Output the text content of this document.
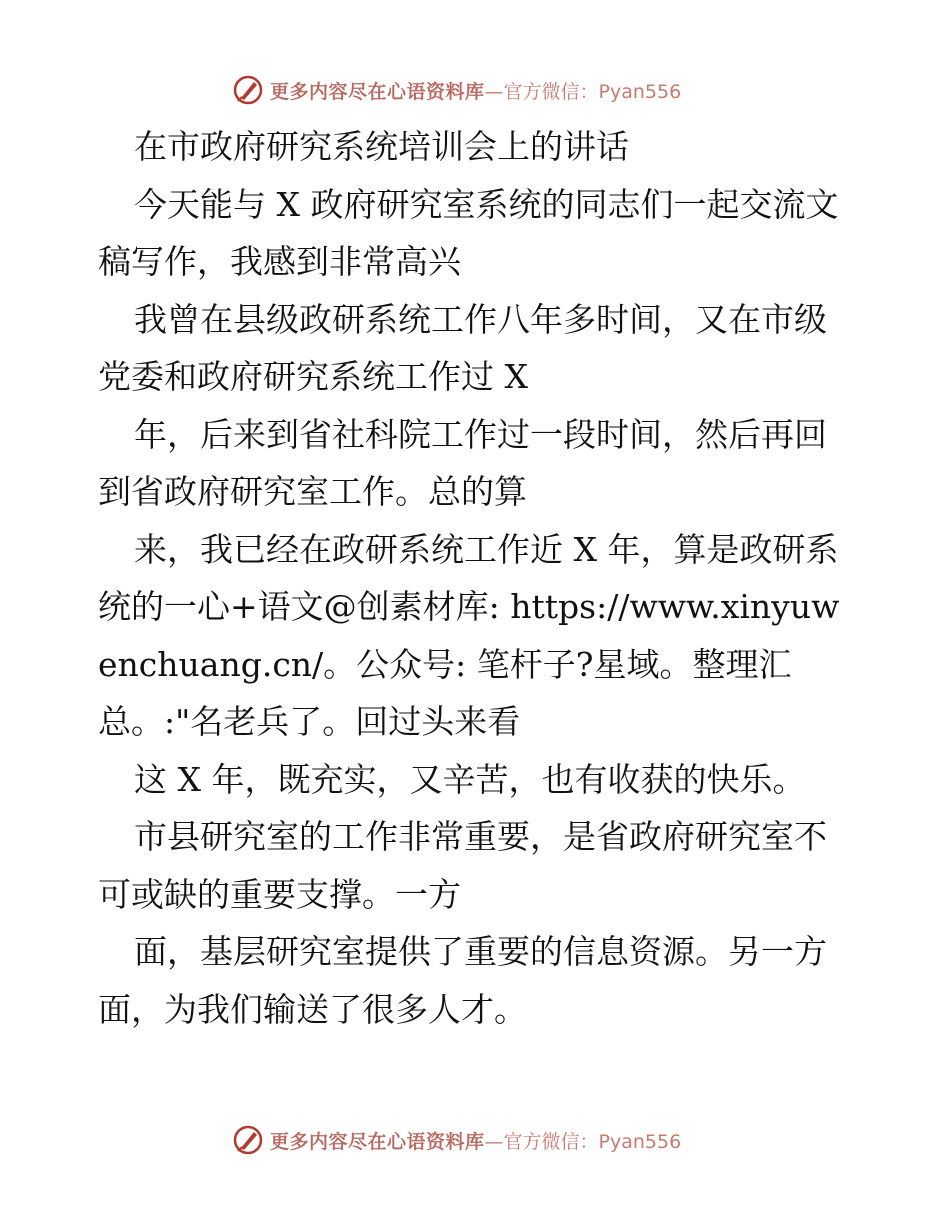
更多内容尽在心语资料库 —官方微信：Pyan556

在市政府研究系统培训会上的讲话

今天能与 X 政府研究室系统的同志们一起交流文稿写作，我感到非常高兴

我曾在县级政研系统工作八年多时间，又在市级党委和政府研究系统工作过 X

年，后来到省社科院工作过一段时间，然后再回到省政府研究室工作。总的算

来，我已经在政研系统工作近 X 年，算是政研系统的一心+语文@创素材库: https://www.xinyuwenchuang.cn/。公众号: 笔杆子?星域。整理汇总。:"名老兵了。回过头来看

这 X 年，既充实，又辛苦，也有收获的快乐。

市县研究室的工作非常重要，是省政府研究室不可或缺的重要支撑。一方

面，基层研究室提供了重要的信息资源。另一方面，为我们输送了很多人才。

更多内容尽在心语资料库 —官方微信：Pyan556
